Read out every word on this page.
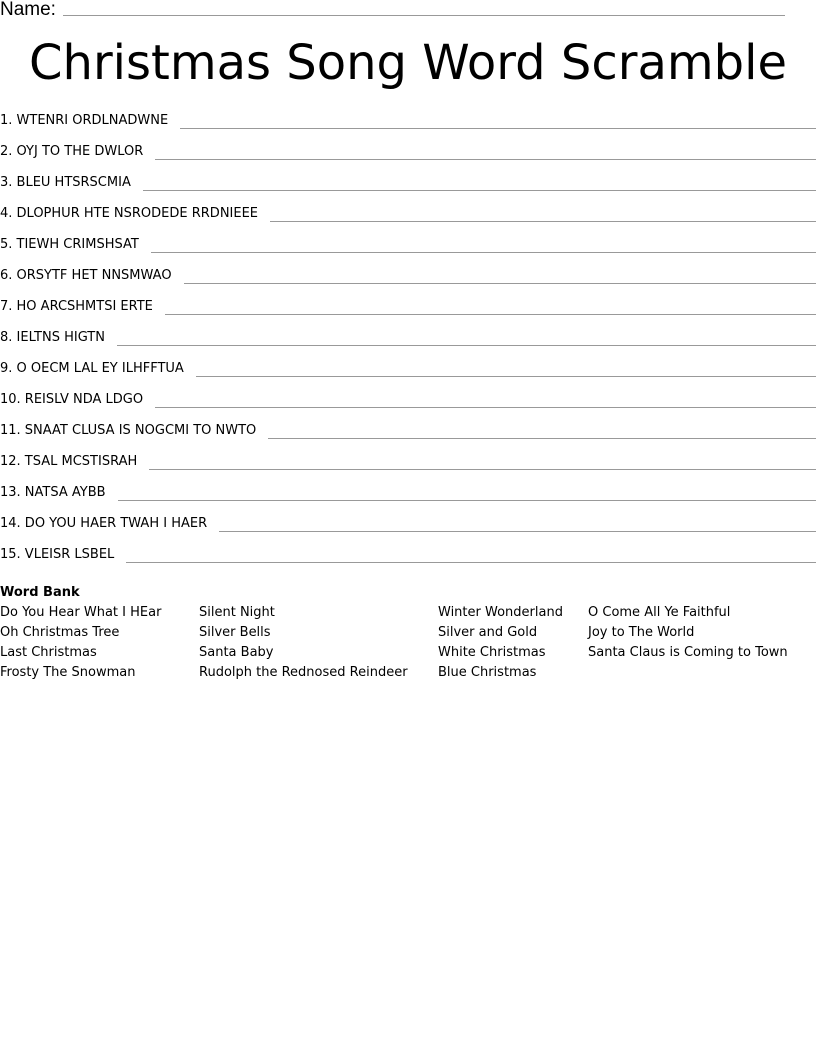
Name:
Christmas Song Word Scramble
1. WTENRI ORDLNADWNE
2. OYJ TO THE DWLOR
3. BLEU HTSRSCMIA
4. DLOPHUR HTE NSRODEDE RRDNIEEE
5. TIEWH CRIMSHSAT
6. ORSYTF HET NNSMWAO
7. HO ARCSHMTSI ERTE
8. IELTNS HIGTN
9. O OECM LAL EY ILHFFTUA
10. REISLV NDA LDGO
11. SNAAT CLUSA IS NOGCMI TO NWTO
12. TSAL MCSTISRAH
13. NATSA AYBB
14. DO YOU HAER TWAH I HAER
15. VLEISR LSBEL
Word Bank
Do You Hear What I HEar
Oh Christmas Tree
Last Christmas
Frosty The Snowman
Silent Night
Silver Bells
Santa Baby
Rudolph the Rednosed Reindeer
Winter Wonderland
Silver and Gold
White Christmas
Blue Christmas
O Come All Ye Faithful
Joy to The World
Santa Claus is Coming to Town
